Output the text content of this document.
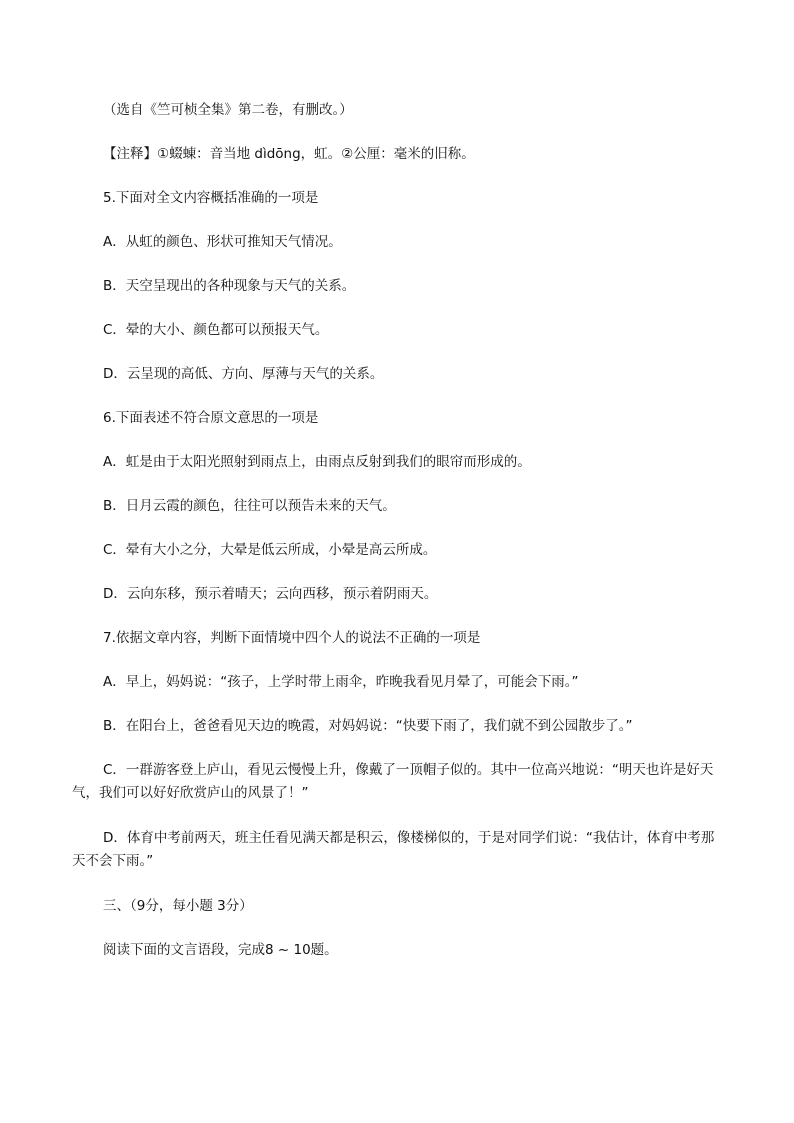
（选自《竺可桢全集》第二卷，有删改。）
【注释】①蝃蝀：音当地 dìdōng，虹。②公厘：毫米的旧称。
5.下面对全文内容概括准确的一项是
A．从虹的颜色、形状可推知天气情况。
B．天空呈现出的各种现象与天气的关系。
C．晕的大小、颜色都可以预报天气。
D．云呈现的高低、方向、厚薄与天气的关系。
6.下面表述不符合原文意思的一项是
A．虹是由于太阳光照射到雨点上，由雨点反射到我们的眼帘而形成的。
B．日月云霞的颜色，往往可以预告未来的天气。
C．晕有大小之分，大晕是低云所成，小晕是高云所成。
D．云向东移，预示着晴天；云向西移，预示着阴雨天。
7.依据文章内容，判断下面情境中四个人的说法不正确的一项是
A．早上，妈妈说：“孩子，上学时带上雨伞，昨晚我看见月晕了，可能会下雨。”
B．在阳台上，爸爸看见天边的晚霞，对妈妈说：“快要下雨了，我们就不到公园散步了。”
C．一群游客登上庐山，看见云慢慢上升，像戴了一顶帽子似的。其中一位高兴地说：“明天也许是好天气，我们可以好好欣赏庐山的风景了！”
D．体育中考前两天，班主任看见满天都是积云，像楼梯似的，于是对同学们说：“我估计，体育中考那天不会下雨。”
三、（9分，每小题 3分）
阅读下面的文言语段，完成8 ~ 10题。
